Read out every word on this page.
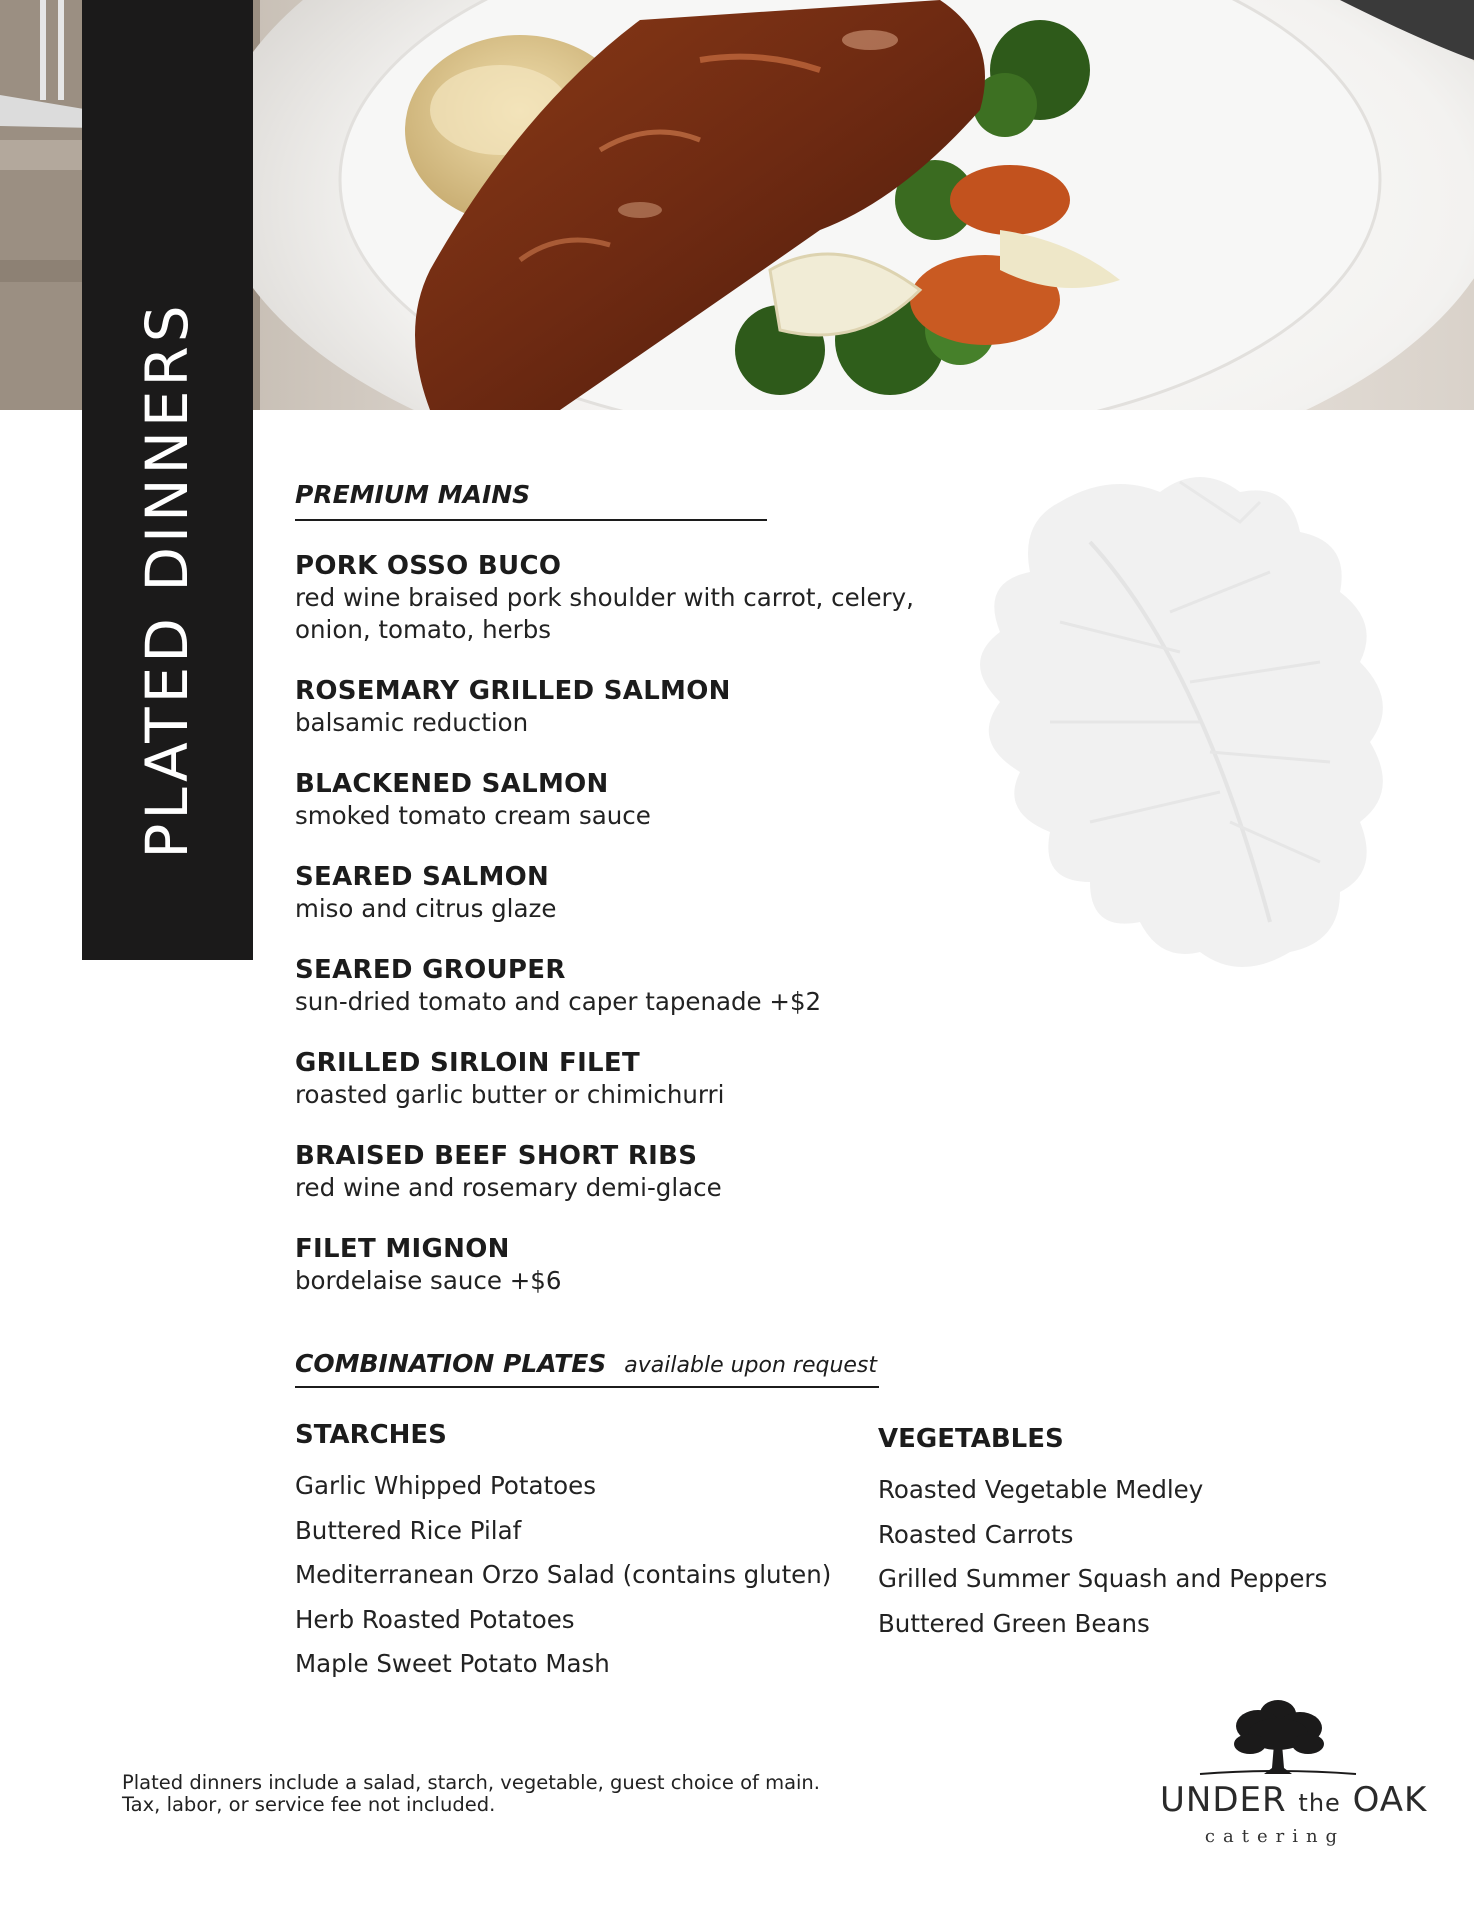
PLATED DINNERS	PREMIUM MAINS
PORK OSSO BUCO
red wine braised pork shoulder with carrot, celery, onion, tomato, herbs
ROSEMARY GRILLED SALMON
balsamic reduction
BLACKENED SALMON
smoked tomato cream sauce
SEARED SALMON
miso and citrus glaze
SEARED GROUPER
sun-dried tomato and caper tapenade +$2
GRILLED SIRLOIN FILET
roasted garlic butter or chimichurri
BRAISED BEEF SHORT RIBS
red wine and rosemary demi-glace
FILET MIGNON
bordelaise sauce +$6
COMBINATION PLATES available upon request
STARCHES
Garlic Whipped Potatoes
Buttered Rice Pilaf
Mediterranean Orzo Salad (contains gluten)
Herb Roasted Potatoes
Maple Sweet Potato Mash
VEGETABLES
Roasted Vegetable Medley
Roasted Carrots
Grilled Summer Squash and Peppers
Buttered Green Beans
Plated dinners include a salad, starch, vegetable, guest choice of main.
Tax, labor, or service fee not included.	UNDER the OAK
catering
